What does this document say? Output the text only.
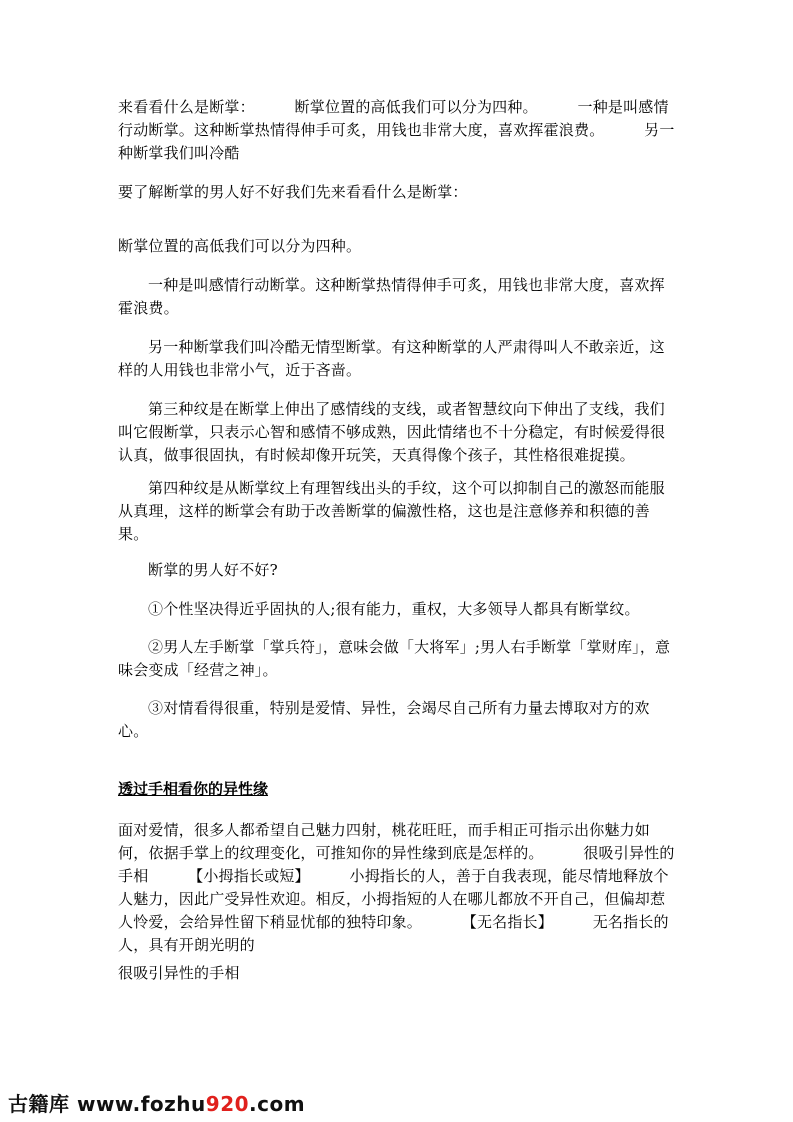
来看看什么是断掌：        断掌位置的高低我们可以分为四种。        一种是叫感情行动断掌。这种断掌热情得伸手可炙，用钱也非常大度，喜欢挥霍浪费。        另一种断掌我们叫冷酷

要了解断掌的男人好不好我们先来看看什么是断掌：

断掌位置的高低我们可以分为四种。

一种是叫感情行动断掌。这种断掌热情得伸手可炙，用钱也非常大度，喜欢挥霍浪费。

另一种断掌我们叫冷酷无情型断掌。有这种断掌的人严肃得叫人不敢亲近，这样的人用钱也非常小气，近于吝啬。

第三种纹是在断掌上伸出了感情线的支线，或者智慧纹向下伸出了支线，我们叫它假断掌，只表示心智和感情不够成熟，因此情绪也不十分稳定，有时候爱得很认真，做事很固执，有时候却像开玩笑，天真得像个孩子，其性格很难捉摸。

第四种纹是从断掌纹上有理智线出头的手纹，这个可以抑制自己的激怒而能服从真理，这样的断掌会有助于改善断掌的偏激性格，这也是注意修养和积德的善果。

断掌的男人好不好?

①个性坚决得近乎固执的人;很有能力，重权，大多领导人都具有断掌纹。

②男人左手断掌「掌兵符」，意味会做「大将军」;男人右手断掌「掌财库」，意味会变成「经营之神」。

③对情看得很重，特别是爱情、异性，会竭尽自己所有力量去博取对方的欢心。

透过手相看你的异性缘

面对爱情，很多人都希望自己魅力四射，桃花旺旺，而手相正可指示出你魅力如何，依据手掌上的纹理变化，可推知你的异性缘到底是怎样的。        很吸引异性的手相        【小拇指长或短】        小拇指长的人，善于自我表现，能尽情地释放个人魅力，因此广受异性欢迎。相反，小拇指短的人在哪儿都放不开自己，但偏却惹人怜爱，会给异性留下稍显忧郁的独特印象。        【无名指长】        无名指长的人，具有开朗光明的

很吸引异性的手相

古籍库 www.fozhu920.com
